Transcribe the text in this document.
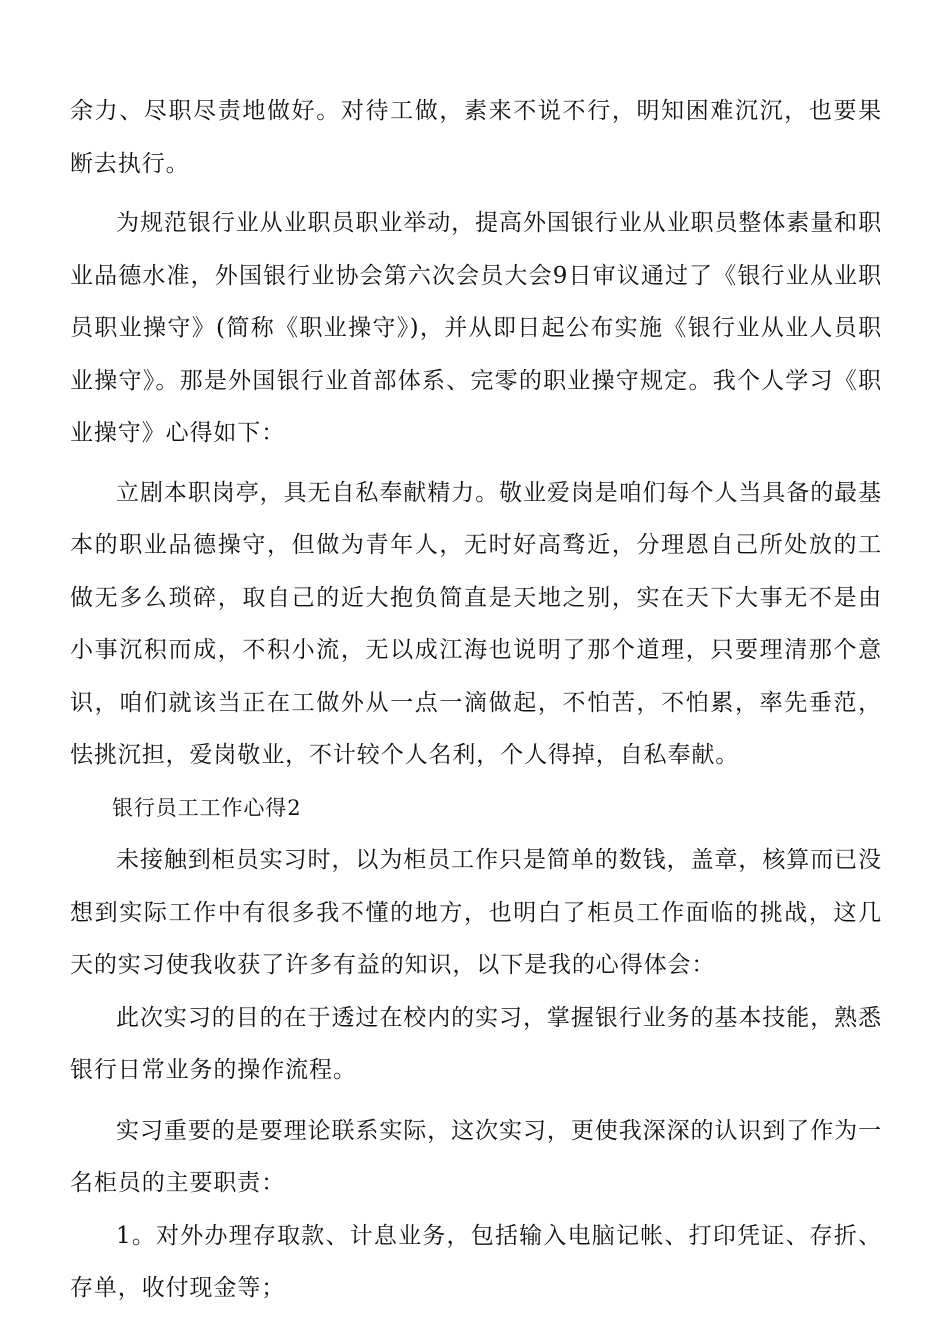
余力、尽职尽责地做好。对待工做，素来不说不行，明知困难沉沉，也要果断去执行。

为规范银行业从业职员职业举动，提高外国银行业从业职员整体素量和职业品德水准，外国银行业协会第六次会员大会9日审议通过了《银行业从业职员职业操守》(简称《职业操守》)，并从即日起公布实施《银行业从业人员职业操守》。那是外国银行业首部体系、完零的职业操守规定。我个人学习《职业操守》心得如下：

立剧本职岗亭，具无自私奉献精力。敬业爱岗是咱们每个人当具备的最基本的职业品德操守，但做为青年人，无时好高骛近，分理恩自己所处放的工做无多么琐碎，取自己的近大抱负简直是天地之别，实在天下大事无不是由小事沉积而成，不积小流，无以成江海也说明了那个道理，只要理清那个意识，咱们就该当正在工做外从一点一滴做起，不怕苦，不怕累，率先垂范，怯挑沉担，爱岗敬业，不计较个人名利，个人得掉，自私奉献。

银行员工工作心得2

未接触到柜员实习时，以为柜员工作只是简单的数钱，盖章，核算而已没想到实际工作中有很多我不懂的地方，也明白了柜员工作面临的挑战，这几天的实习使我收获了许多有益的知识，以下是我的心得体会：

此次实习的目的在于透过在校内的实习，掌握银行业务的基本技能，熟悉银行日常业务的操作流程。

实习重要的是要理论联系实际，这次实习，更使我深深的认识到了作为一名柜员的主要职责：

1。对外办理存取款、计息业务，包括输入电脑记帐、打印凭证、存折、存单，收付现金等；
